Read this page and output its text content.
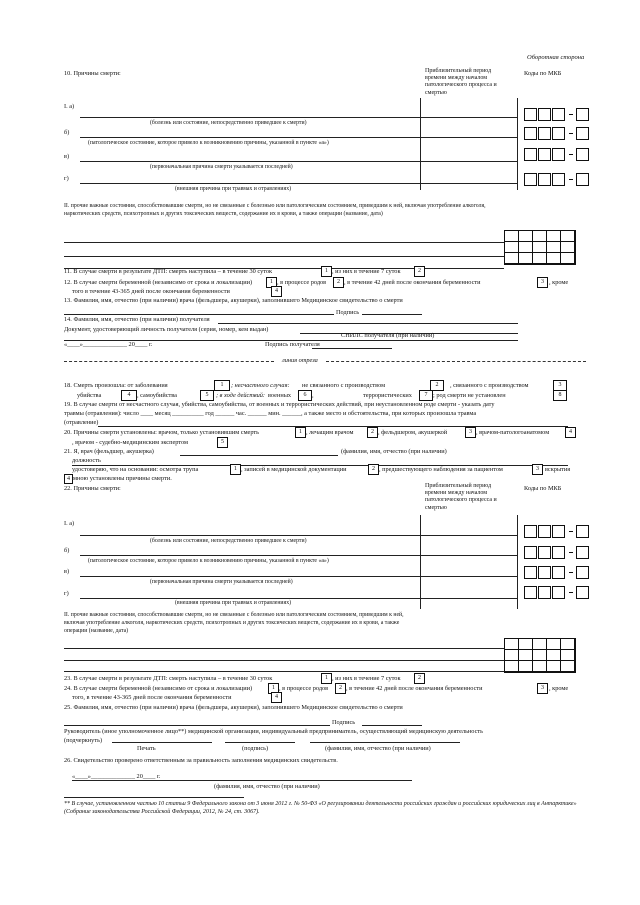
Оборотная сторона
10. Причины смерти:	Приблизительный период времени между началом патологического процесса и смертью
Коды по МКБ
I. а)
(болезнь или состояние, непосредственно приведшее к смерти)
б)
(патологическое состояние, которое привело к возникновению причины, указанной в пункте «а»)
в)
(первоначальная причина смерти указывается последней)
г)
(внешняя причина при травмах и отравлениях)
II. прочие важные состояния, способствовавшие смерти, но не связанные с болезнью или патологическим состоянием, приведшим к ней, включая употребление алкоголя, наркотических средств, психотропных и других токсических веществ, содержание их в крови, а также операции (название, дата)
11. В случае смерти в результате ДТП: смерть наступила – в течение 30 суток	1 , из них в течение 7 суток	2
12. В случае смерти беременной (независимо от срока и локализации)	1 , в процессе родов	2 , в течение 42 дней после окончания беременности	3 , кроме
того в течение 43-365 дней после окончания беременности	4
13. Фамилия, имя, отчество (при наличии) врача (фельдшера, акушерки), заполнившего Медицинское свидетельство о смерти
Подпись
14. Фамилия, имя, отчество (при наличии) получателя
Документ, удостоверяющий личность получателя (серия, номер, кем выдан)
СНИЛС получателя (при наличии)
«____»______________ 20____ г.	Подпись получателя
линия отреза
18. Смерть произошла: от заболевания	1	; несчастного случая: не связанного с производством	2	, связанного с производством	3
убийства	4	, самоубийства	5	; в ходе действий: военных	6 ,	террористических	7 ; род смерти не установлен	8
19. В случае смерти от несчастного случая, убийства, самоубийства, от военных и террористических действий, при неустановленном роде смерти - указать дату
травмы (отравления): число ____ месяц __________ год ______ час. ______ мин. ______, а также место и обстоятельства, при которых произошла травма
(отравление)
20. Причины смерти установлены: врачом, только установившим смерть	1 , лечащим врачом	2 , фельдшером, акушеркой	3 , врачом-патологоанатомом	4
, врачом - судебно-медицинским экспертом	5
21. Я, врач (фельдшер, акушерка)	(фамилия, имя, отчество (при наличии)
должность
удостоверяю, что на основании: осмотра трупа	1 , записей в медицинской документации	2 , предшествующего наблюдения за пациентом	3 вскрытия
4 мною установлены причины смерти.
22. Причины смерти:	Приблизительный период времени между началом патологического процесса и смертью
Коды по МКБ
I. а)
(болезнь или состояние, непосредственно приведшее к смерти)
б)
(патологическое состояние, которое привело к возникновению причины, указанной в пункте «а»)
в)
(первоначальная причина смерти указывается последней)
г)
(внешняя причина при травмах и отравлениях)
II. прочие важные состояния, способствовавшие смерти, но не связанные с болезнью или патологическим состоянием, приведшим к ней, включая употребление алкоголя, наркотических средств, психотропных и других токсических веществ, содержание их в крови, а также операции (название, дата)
23. В случае смерти в результате ДТП: смерть наступила – в течение 30 суток	1 , из них в течение 7 суток	2
24. В случае смерти беременной (независимо от срока и локализации)	1 , в процессе родов	2 , в течение 42 дней после окончания беременности	3 , кроме
того, в течение 43-365 дней после окончания беременности	4
25. Фамилия, имя, отчество (при наличии) врача (фельдшера, акушерки), заполнившего Медицинское свидетельство о смерти
Подпись
Руководитель (иное уполномоченное лицо**) медицинской организации, индивидуальный предприниматель, осуществляющий медицинскую деятельность
(подчеркнуть)
Печать	(подпись)	(фамилия, имя, отчество (при наличии)
26. Свидетельство проверено ответственным за правильность заполнения медицинских свидетельств.
«____»______________ 20____ г.
(фамилия, имя, отчество (при наличии)
** В случае, установленном частью 10 статьи 9 Федерального закона от 3 июня 2012 г. № 50-ФЗ «О регулировании деятельности российских граждан и российских юридических лиц в Антарктике» (Собрание законодательства Российской Федерации, 2012, № 24, ст. 3067).
